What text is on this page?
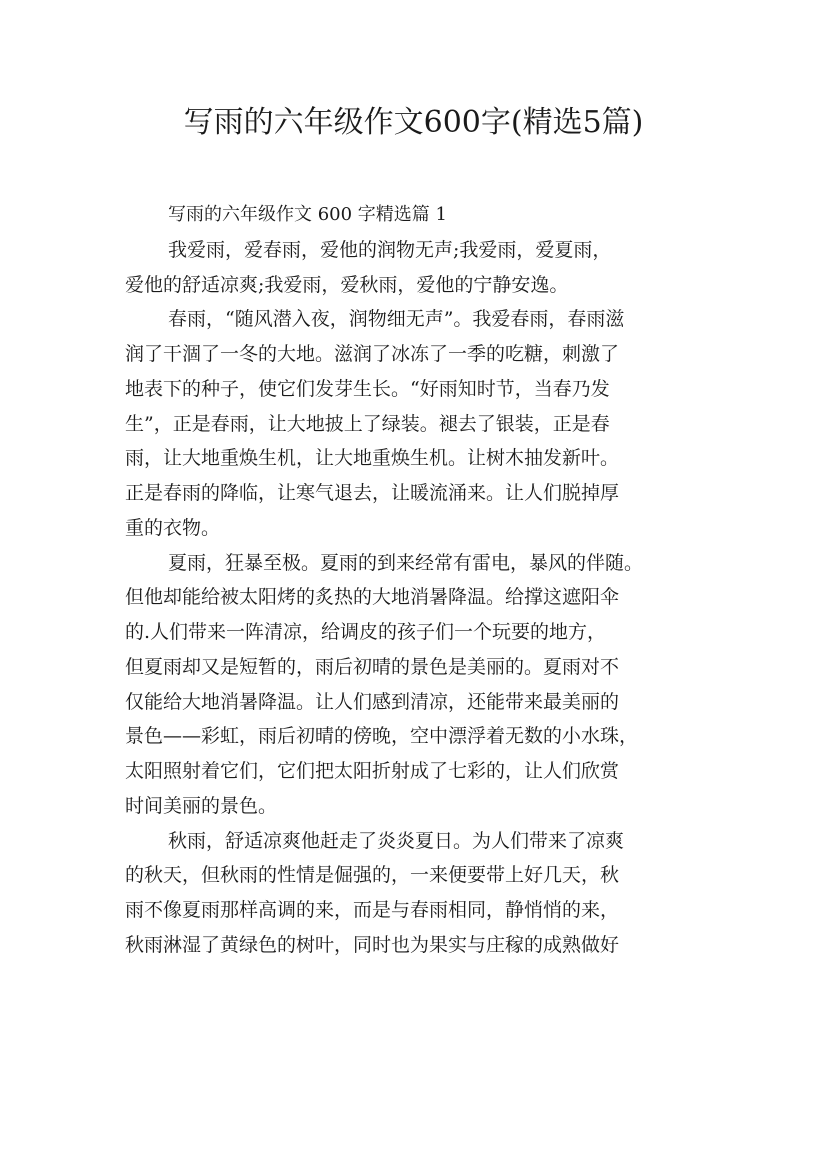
写雨的六年级作文600字(精选5篇)
写雨的六年级作文 600 字精选篇 1
我爱雨，爱春雨，爱他的润物无声;我爱雨，爱夏雨，
爱他的舒适凉爽;我爱雨，爱秋雨，爱他的宁静安逸。
春雨，“随风潜入夜，润物细无声”。我爱春雨，春雨滋
润了干涸了一冬的大地。滋润了冰冻了一季的吃糖，刺激了
地表下的种子，使它们发芽生长。“好雨知时节，当春乃发
生”，正是春雨，让大地披上了绿装。褪去了银装，正是春
雨，让大地重焕生机，让大地重焕生机。让树木抽发新叶。
正是春雨的降临，让寒气退去，让暖流涌来。让人们脱掉厚
重的衣物。
夏雨，狂暴至极。夏雨的到来经常有雷电，暴风的伴随。
但他却能给被太阳烤的炙热的大地消暑降温。给撑这遮阳伞
的.人们带来一阵清凉，给调皮的孩子们一个玩要的地方，
但夏雨却又是短暂的，雨后初晴的景色是美丽的。夏雨对不
仅能给大地消暑降温。让人们感到清凉，还能带来最美丽的
景色——彩虹，雨后初晴的傍晚，空中漂浮着无数的小水珠，
太阳照射着它们，它们把太阳折射成了七彩的，让人们欣赏
时间美丽的景色。
秋雨，舒适凉爽他赶走了炎炎夏日。为人们带来了凉爽
的秋天，但秋雨的性情是倔强的，一来便要带上好几天，秋
雨不像夏雨那样高调的来，而是与春雨相同，静悄悄的来，
秋雨淋湿了黄绿色的树叶，同时也为果实与庄稼的成熟做好
